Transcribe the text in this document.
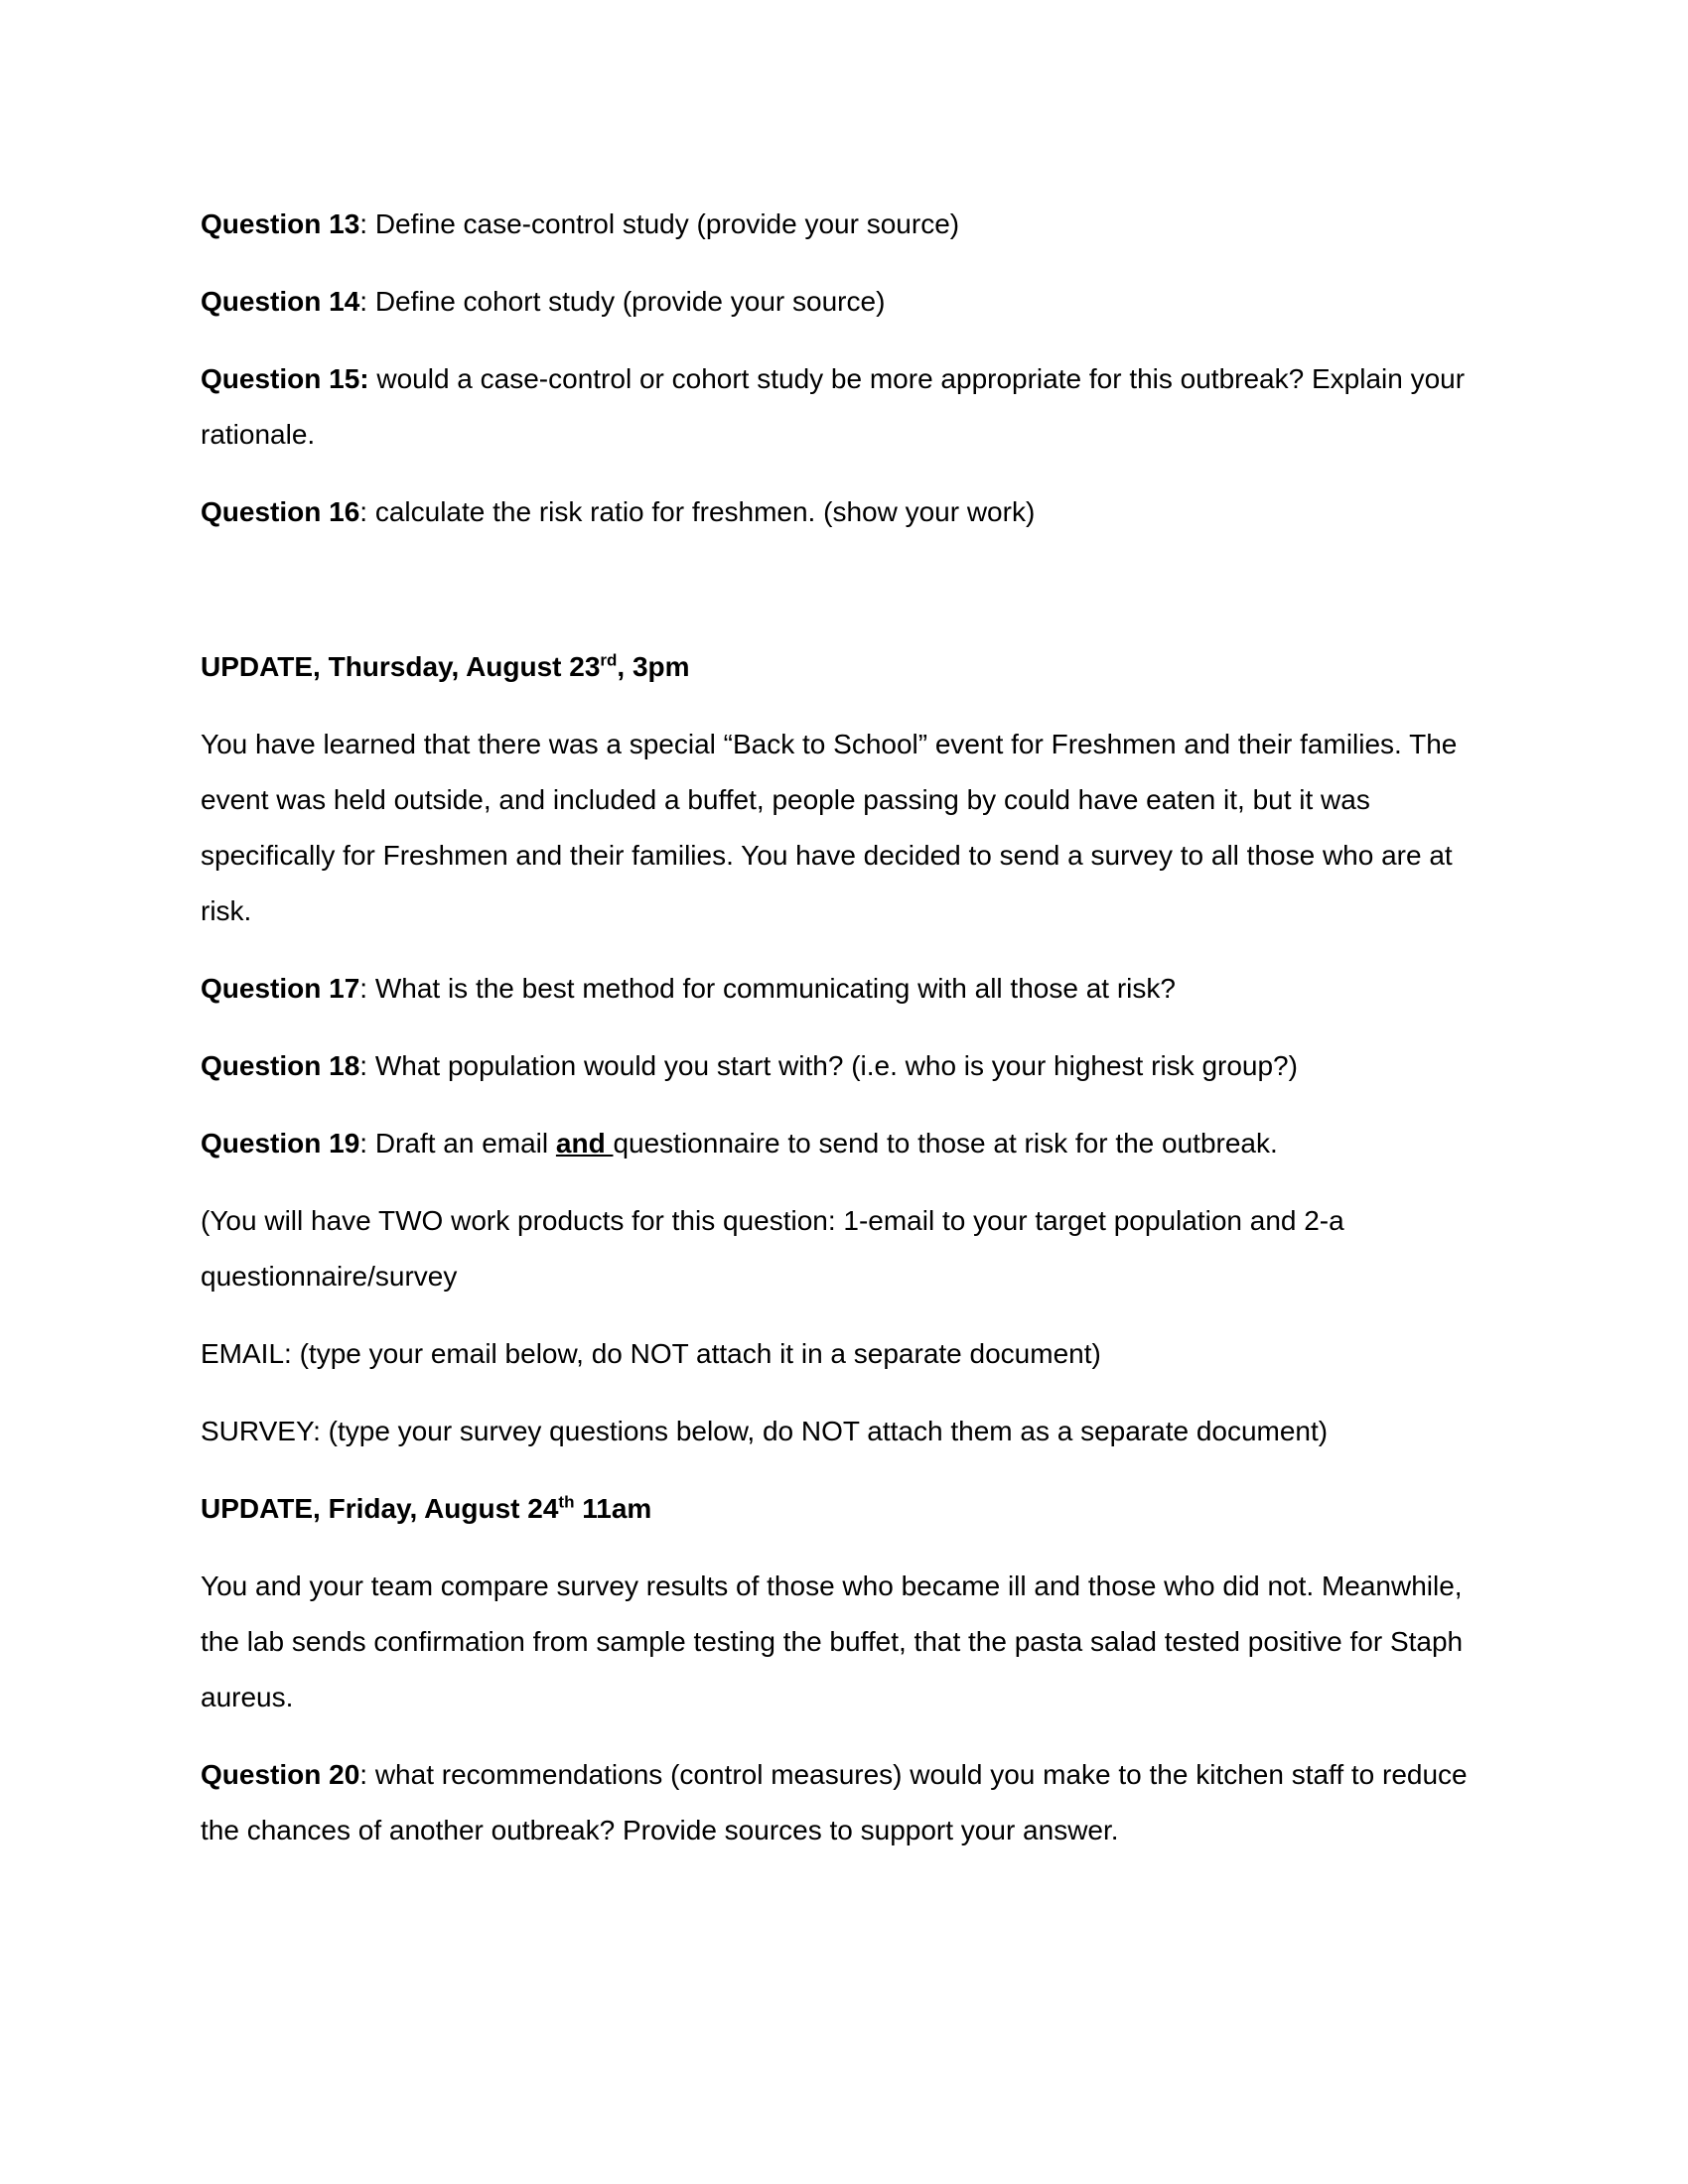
Question 13: Define case-control study (provide your source)

Question 14: Define cohort study (provide your source)

Question 15: would a case-control or cohort study be more appropriate for this outbreak? Explain your
rationale.

Question 16: calculate the risk ratio for freshmen. (show your work)

UPDATE, Thursday, August 23rd, 3pm

You have learned that there was a special “Back to School” event for Freshmen and their families. The
event was held outside, and included a buffet, people passing by could have eaten it, but it was
specifically for Freshmen and their families. You have decided to send a survey to all those who are at
risk.

Question 17: What is the best method for communicating with all those at risk?

Question 18: What population would you start with? (i.e. who is your highest risk group?)

Question 19: Draft an email and questionnaire to send to those at risk for the outbreak.

(You will have TWO work products for this question: 1-email to your target population and 2-a
questionnaire/survey

EMAIL: (type your email below, do NOT attach it in a separate document)

SURVEY: (type your survey questions below, do NOT attach them as a separate document)

UPDATE, Friday, August 24th 11am

You and your team compare survey results of those who became ill and those who did not. Meanwhile,
the lab sends confirmation from sample testing the buffet, that the pasta salad tested positive for Staph
aureus.

Question 20: what recommendations (control measures) would you make to the kitchen staff to reduce
the chances of another outbreak? Provide sources to support your answer.
